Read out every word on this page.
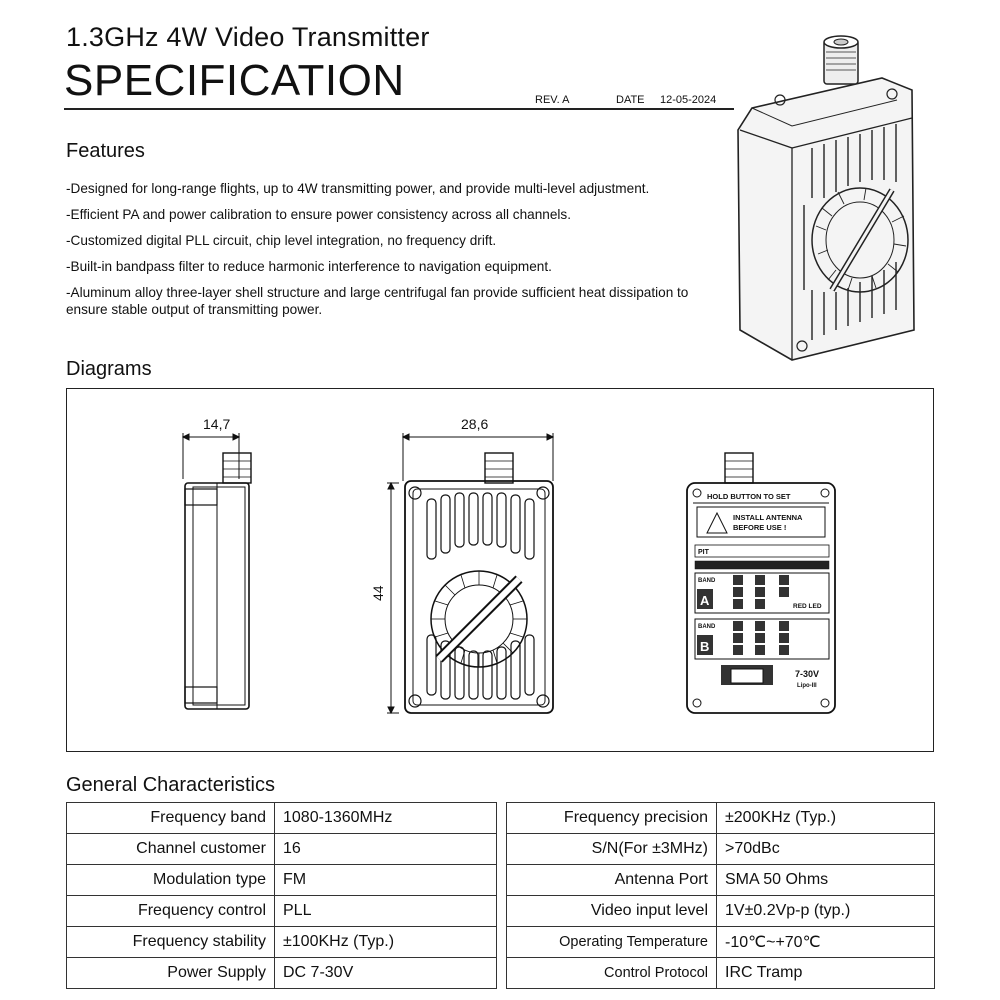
1.3GHz 4W Video Transmitter
SPECIFICATION	REV. A	DATE 12-05-2024
Features
-Designed for long-range flights, up to 4W transmitting power, and provide multi-level adjustment.
-Efficient PA and power calibration to ensure power consistency across all channels.
-Customized digital PLL circuit, chip level integration, no frequency drift.
-Built-in bandpass filter to reduce harmonic interference to navigation equipment.
-Aluminum alloy three-layer shell structure and large centrifugal fan provide sufficient heat dissipation to ensure stable output of transmitting power.
Diagrams
14,7	28,6
44
HOLD BUTTON TO SET
INSTALL ANTENNA
BEFORE USE !
PIT
BAND
A
BAND
B
RED LED
7-30V
Lipo-III
General Characteristics
Frequency band	1080-1360MHz
Channel customer	16
Modulation type	FM
Frequency control	PLL
Frequency stability	±100KHz (Typ.)
Power Supply	DC 7-30V
Frequency precision	±200KHz (Typ.)
S/N(For ±3MHz)	>70dBc
Antenna Port	SMA 50 Ohms
Video input level	1V±0.2Vp-p (typ.)
Operating Temperature	-10℃~+70℃
Control Protocol	IRC Tramp
